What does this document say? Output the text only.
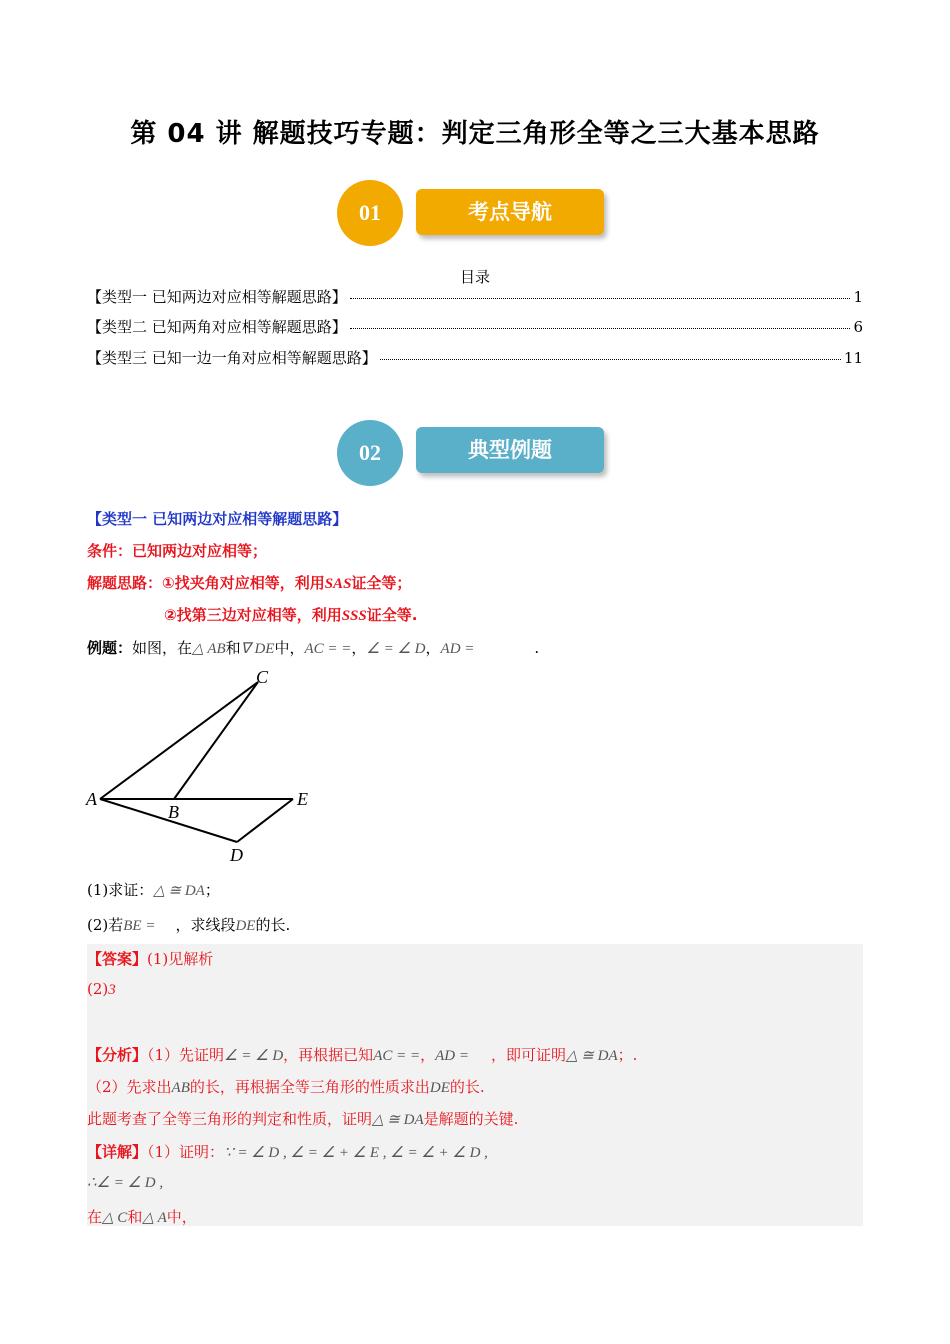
第 04 讲 解题技巧专题：判定三角形全等之三大基本思路
01	考点导航
目录
【类型一 已知两边对应相等解题思路】	1
【类型二 已知两角对应相等解题思路】	6
【类型三 已知一边一角对应相等解题思路】	11
02	典型例题
【类型一 已知两边对应相等解题思路】
条件：已知两边对应相等；
解题思路：①找夹角对应相等，利用SAS证全等；
②找第三边对应相等，利用SSS证全等.
例题：如图，在△ AB和∇ DE中，AC = =，∠ = ∠ D，AD =	.
C
A
B
E
D
(1)求证：△ ≅ DA；
(2)若BE = ，求线段DE的长.
【答案】(1)见解析
(2)3
【分析】（1）先证明∠ = ∠ D，再根据已知AC = =，AD = ，即可证明△ ≅ DA；.
（2）先求出AB的长，再根据全等三角形的性质求出DE的长.
此题考查了全等三角形的判定和性质，证明△ ≅ DA是解题的关键.
【详解】（1）证明：∵ = ∠ D , ∠ = ∠ + ∠ E , ∠ = ∠ + ∠ D ,
∴∠ = ∠ D ,
在△ C和△ A中，
